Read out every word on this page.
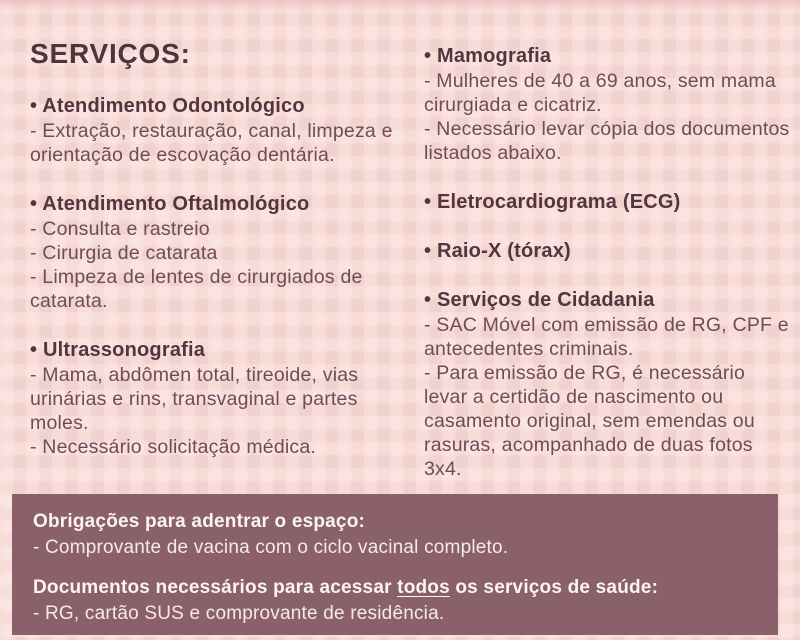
SERVIÇOS:
• Atendimento Odontológico
- Extração, restauração, canal, limpeza e orientação de escovação dentária.
• Atendimento Oftalmológico
- Consulta e rastreio
- Cirurgia de catarata
- Limpeza de lentes de cirurgiados de catarata.
• Ultrassonografia
- Mama, abdômen total, tireoide, vias urinárias e rins, transvaginal e partes moles.
- Necessário solicitação médica.
• Mamografia
- Mulheres de 40 a 69 anos, sem mama cirurgiada e cicatriz.
- Necessário levar cópia dos documentos listados abaixo.
• Eletrocardiograma (ECG)
• Raio-X (tórax)
• Serviços de Cidadania
- SAC Móvel com emissão de RG, CPF e antecedentes criminais.
- Para emissão de RG, é necessário levar a certidão de nascimento ou casamento original, sem emendas ou rasuras, acompanhado de duas fotos 3x4.
Obrigações para adentrar o espaço:
- Comprovante de vacina com o ciclo vacinal completo.
Documentos necessários para acessar todos os serviços de saúde:
- RG, cartão SUS e comprovante de residência.
